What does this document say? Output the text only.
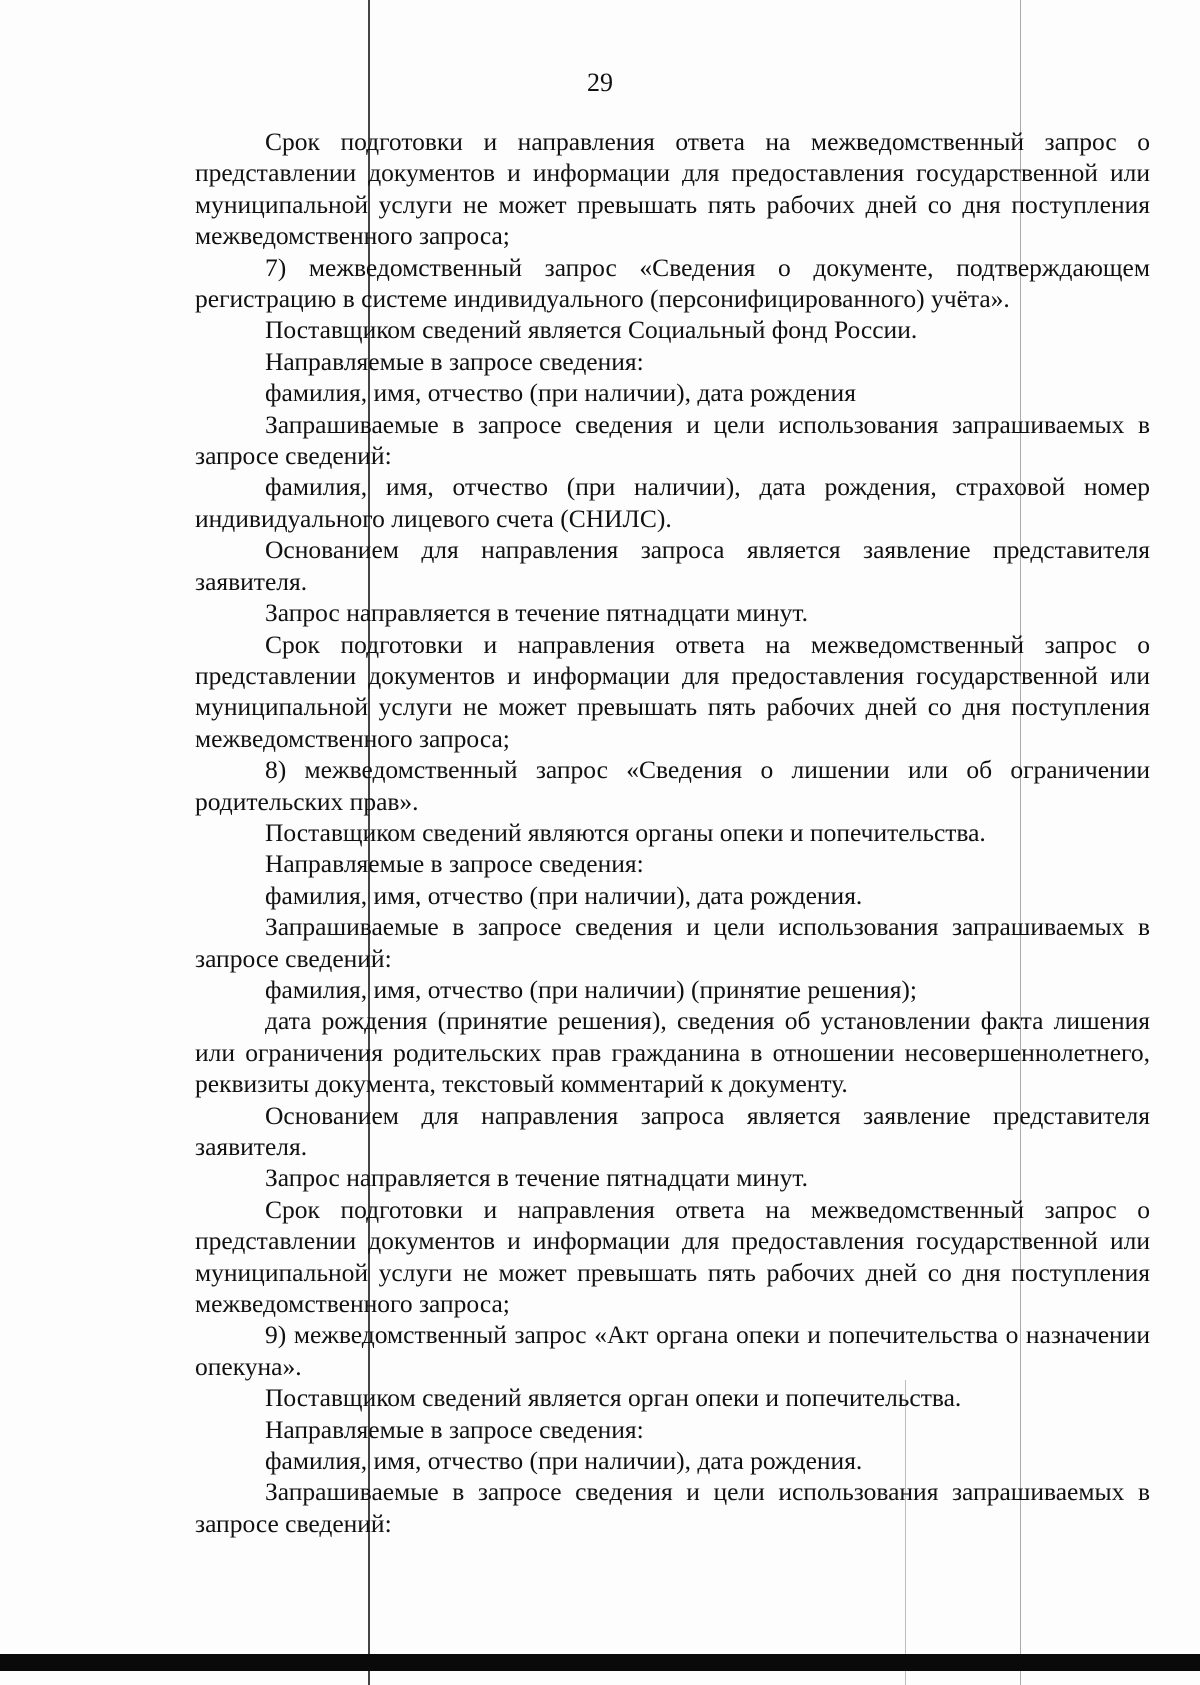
29

Срок подготовки и направления ответа на межведомственный запрос о представлении документов и информации для предоставления государственной или муниципальной услуги не может превышать пять рабочих дней со дня поступления межведомственного запроса;

7) межведомственный запрос «Сведения о документе, подтверждающем регистрацию в системе индивидуального (персонифицированного) учёта».

Поставщиком сведений является Социальный фонд России.

Направляемые в запросе сведения:

фамилия, имя, отчество (при наличии), дата рождения

Запрашиваемые в запросе сведения и цели использования запрашиваемых в запросе сведений:

фамилия, имя, отчество (при наличии), дата рождения, страховой номер индивидуального лицевого счета (СНИЛС).

Основанием для направления запроса является заявление представителя заявителя.

Запрос направляется в течение пятнадцати минут.

Срок подготовки и направления ответа на межведомственный запрос о представлении документов и информации для предоставления государственной или муниципальной услуги не может превышать пять рабочих дней со дня поступления межведомственного запроса;

8) межведомственный запрос «Сведения о лишении или об ограничении родительских прав».

Поставщиком сведений являются органы опеки и попечительства.

Направляемые в запросе сведения:

фамилия, имя, отчество (при наличии), дата рождения.

Запрашиваемые в запросе сведения и цели использования запрашиваемых в запросе сведений:

фамилия, имя, отчество (при наличии) (принятие решения);

дата рождения (принятие решения), сведения об установлении факта лишения или ограничения родительских прав гражданина в отношении несовершеннолетнего, реквизиты документа, текстовый комментарий к документу.

Основанием для направления запроса является заявление представителя заявителя.

Запрос направляется в течение пятнадцати минут.

Срок подготовки и направления ответа на межведомственный запрос о представлении документов и информации для предоставления государственной или муниципальной услуги не может превышать пять рабочих дней со дня поступления межведомственного запроса;

9) межведомственный запрос «Акт органа опеки и попечительства о назначении опекуна».

Поставщиком сведений является орган опеки и попечительства.

Направляемые в запросе сведения:

фамилия, имя, отчество (при наличии), дата рождения.

Запрашиваемые в запросе сведения и цели использования запрашиваемых в запросе сведений:
